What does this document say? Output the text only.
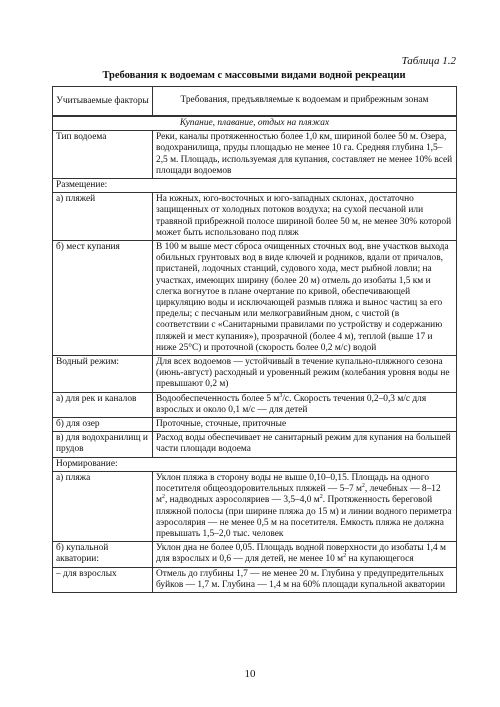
Таблица 1.2
Требования к водоемам с массовыми видами водной рекреации
Учитываемые факторы	Требования, предъявляемые к водоемам и прибрежным зонам
Купание, плавание, отдых на пляжах	
Тип водоема	Реки, каналы протяженностью более 1,0 км, шириной более 50 м. Озера, водохранилища, пруды площадью не менее 10 га. Средняя глубина 1,5–2,5 м. Площадь, используемая для купания, составляет не менее 10% всей площади водоемов
Размещение:	
а) пляжей	На южных, юго-восточных и юго-западных склонах, достаточно защищенных от холодных потоков воздуха; на сухой песчаной или травяной прибрежной полосе шириной более 50 м, не менее 30% которой может быть использовано под пляж
б) мест купания	В 100 м выше мест сброса очищенных сточных вод, вне участков выхода обильных грунтовых вод в виде ключей и родников, вдали от причалов, пристаней, лодочных станций, судового хода, мест рыбной ловли; на участках, имеющих ширину (более 20 м) отмель до изобаты 1,5 км и слегка вогнутое в плане очертание по кривой, обеспечивающей циркуляцию воды и исключающей размыв пляжа и вынос частиц за его пределы; с песчаным или мелкогравийным дном, с чистой (в соответствии с «Санитарными правилами по устройству и содержанию пляжей и мест купания»), прозрачной (более 4 м), теплой (выше 17 и ниже 25°С) и проточной (скорость более 0,2 м/с) водой
Водный режим:	Для всех водоемов — устойчивый в течение купально-пляжного сезона (июнь-август) расходный и уровенный режим (колебания уровня воды не превышают 0,2 м)
а) для рек и каналов	Водообеспеченность более 5 $м^3/с$. Скорость течения 0,2–0,3 м/с для взрослых и около 0,1 м/с — для детей
б) для озер	Проточные, сточные, приточные
в) для водохранилищ и прудов	Расход воды обеспечивает не санитарный режим для купания на большей части площади водоема
Нормирование:	
а) пляжа	Уклон пляжа в сторону воды не выше 0,10–0,15. Площадь на одного посетителя общеоздоровительных пляжей — 5–7 $м^2$, лечебных — 8–12 $м^2$, надводных аэросоляриев — 3,5–4,0 $м^2$. Протяженность береговой пляжной полосы (при ширине пляжа до 15 м) и линии водного периметра аэросолярия — не менее 0,5 м на посетителя. Емкость пляжа не должна превышать 1,5–2,0 тыс. человек
б) купальной акватории:	Уклон дна не более 0,05. Площадь водной поверхности до изобаты 1,4 м для взрослых и 0,6 — для детей, не менее 10 $м^2$ на купающегося
– для взрослых	Отмель до глубины 1,7 — не менее 20 м. Глубина у предупредительных буйков — 1,7 м. Глубина — 1,4 м на 60% площади купальной акватории
10
